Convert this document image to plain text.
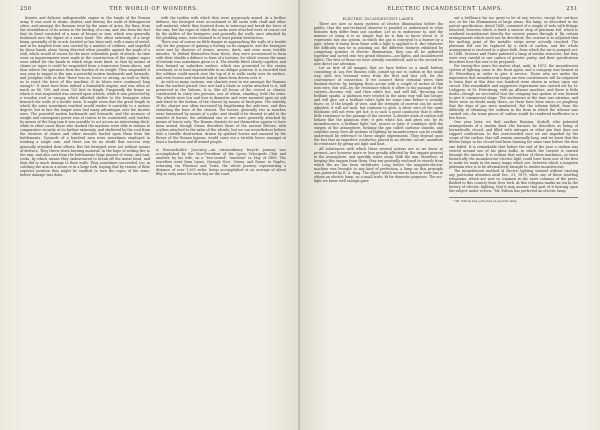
250	THE WORLD OF WONDERS.

ficients and delicate indispensable engine in the hands of the Roman army. It was used to shake, shatter, and destroy the walls of beleaguered cities, and amongst the Romans went by the name of Aries, the Ram, from the resemblance of its action to the butting of a ram, and also from the fact that its head consisted of a mass of bronze or iron, which was generally fashioned into the figure of a ram's head. The other extremity of a large beam, generally of fir or ash, headed as has been said, with a mass of metal, and in its simplest form was carried by a number of soldiers, and impelled by those hands alone, being directed when possible against the angle of a wall, which would of course be the most vulnerable point of attack. As time went on improvements were made in the construction of the engine; ropes were added for the hands in which rings were fixed, so that by means of chains or ropes it could be suspended from a transverse beam above, and thus relieve the operators from the burden of its weight. Thus suspended it was easy to impart to the ram a powerful motion backwards and forwards, and Josephus tells us that "there was no tower so strong, no wall so thick, as to resist the force of this machine, if its blows were continued long enough." It must have been indeed a formidable engine, and was often as much as 80, 100, and even 120 feet in length. Frequently the frame on which it was suspended was carried upon wheels, while it was protected by a wooden roof or canopy, which afforded shelter to the besiegers when beneath the walls of a hostile town. It might seem that the great length to which the arms sometimes reached would render it unwieldy to a serious degree; but in fact the longer ones had many advantages over the shorter ones. The powerful motion backwards and forwards, and the increase of weight and consequent power was of course to be considered; and, further, by means of the long ram it was possible to act across an intervening ditch, while in other cases those who worked the machine were able to remain in comparative security at its farther extremity, and sheltered by the roof from the showers of stones and other missiles hurled upon them from the battlements. Upwards of a hundred men were sometimes employed in working a single ram, and there can be no doubt that success very generally attended their efforts. But the besieged were not without means of defence. They threw down burning material, in the hope of setting fire to the ram, and also cast from the battlements huge masses of stone, and and, rocks, by which means they endeavoured to break off the metal head, and thus did so much damage to their walls. They sometimes succeeded, too, in catching the arm in a noose or in a large fork, hoping that by reason of their superior position they might be enabled to turn the ropes of the arms, before damage was done,

with the tackles with which they were gorgeously armed. At a further defence, the besieged were accustomed to fill sacks with chaff and other soft material, which they lowered down to intercept and break the force of the ram; but the ropes to which the sacks were attached were of course cut by the sickles of the besiegers; and generally the walls, once attacked by the plodding arms, were doomed to at least partial destruction.

There was of course no little danger in approaching the walls of a hostile city for the purpose of gaining a footing on its ramparts, and the besiegers were met by showers of stones, arrows, darts, and even more terrible missiles. To defend themselves from these, they were accustomed to form with their shields a defence in form of a tortoise, for which reason the name of testudo was sometimes given to it. The shields fitted closely together, and thus formed an unbroken surface, which was presented to the enemy overhead, or at least impenetrable in an oblique position. It is recorded that the soldiers could march over the top of it to walls easily over its surface, and even horses and chariots had at times been driven over it.

As with so many customs, war chariots were in use amongst the Romans from the earliest period. One sort had a blade or scythe attached to it, still preserved in the Vatican. It is, like all forms of the curved or chariot, constructed to carry two persons, one of whom, standing, held the reins. The wheels were low and four in diameter, and were mounted upon an oak axle fixed to the bottom of the chariot by means of linch-pins. The stability of the chariot was often increased by lengthening the axle-tree, and thus extending the base of the chariot. The horses, generally two in number, were harnessed by means of a yoke; and should it be desired to add to the number of horses, the additional one or two were generally attached by means of traces only. The Roman chariots do not themselves appear to have been armed, though Cæsar describes those of the ancient Britons, with scythes attached to the axles of the wheels; but we can nevertheless believe that a terrible destruction, drawn by spirited horses and manned by the flower of the Roman legions, would carry out a terrible havoc amongst at least a barbarous and ill-armed people.

A Remarkable Journey.—An extraordinary bicycle journey was accomplished by the Vice-President of the Lyons Velocipede Club and another, by his wife, on a "two-seated" "machine" in May of 1869. The travellers went from Lyons, through Nice, Genoa, and Rome, to Naples, returning via Florence and Turin, the whole journey, representing a distance of over 1,300 miles, being accomplished at an average of about fifty to sixty miles for each day on the road.

ELECTRIC INCANDESCENT LAMPS.	251

ELECTRIC INCANDESCENT LAMPS.

There are now so many systems of electric illumination before the public, that the non-technical observer is puzzled to understand in what features they differ from one another. Let us to endeavour to, and the manner of using it is so simple that he is fain to know about it. It represents but one system, in which the gas is conveyed to a burner by a pipe, where it burns from those with a light is applied to it. But whatever the difficulty may be in pointing out the different features exhibited by competing systems of electric illumination, they can all be gathered together and sorted into two grand divisions—arc-lights, and incandescent lights. The first of these we have already considered, and to the second we now direct our attention.

Let us first of all imagine that we have before us a small battery consisting of, say, five Bunsen cells, joined up one to carbon in the usual way, with two terminal wires from the first and last cell, for the convenience of connection. If we connect these terminal wires then thermal-electric by bridging them across with a couple of inches of thin iron wire, this will—by the resistance which it offers to the passage of the current—become red, and then white hot, and will fall, throwing out brilliant sparks. A platinum wire treated in the same way will last longer, and will give out a brilliant white light for some time before it actually fuses; or, if the length of wire, and the strength of current can be nicely adjusted, it will not melt, but continue to glow. A silver wire of the same thickness will not even get hot; it is such a good conductor that it offers little resistance to the passage of the current. A slender stick of carbon will behave like the platinum wire; it gets white hot, and gives out, by its incandescence, a brilliant light; but, sooner or later, it combines with the oxygen of the atmosphere, forming the gas called carbonic dioxide, and vanishes away. Now all systems of lighting by incandescence can be readily understood by reference to these simple experiments. They depend upon the fact that an imperfect conductor, placed in an electric circuit, manifests its resistance by giving out light and heat.

All substances with which these several actions are so we know at present—are however more or less greatly affected by the oxygen present in the atmosphere, and speedily waste away. With the aim, therefore, of keeping this oxygen from them, they are generally enclosed in vessels from which the air has been withdrawn. Long before the magneto-electric machine was brought to any kind of perfection, a lamp on this principle was patented by E. A. King. The object which inventors have in view has to obtain an electric lamp, on a small scale, fit for domestic purposes. The arc-light we know well enough gave

out a brilliance far too great to be of any service, except for out-door use, or for the illumination of large areas. His lamp, as described in the patent specification, dated 1845, consisted of a simple of rods with fittings attached, between which is fixed a narrow strip of platinum foil, which is rendered incandescent directly the current passes through it. By certain arrangements which need not be described, the current is so adjusted that the melting point of the metallic strips never actually reached. The platinum foil can be replaced by a stick of carbon, and the whole arrangement is enclosed in a glass bulb, from which the air is pumped out. In 1848, Greener and Staite patented a lamp of similar structure; but they were very careful to use carbon of greater purity, and their specification describes how this was to be prepared.

For twenty-five years the matter slept, until, in 1873, the incandescent system of lighting came to the front again, and a company was formed at St. Petersburg in order to give it service. Those who are under the impression that incandescent lamps are new contrivances will be surprised to learn that at this date one hundred were shown in action upon one circuit. This remarkable and suggestive experiment was carried out by M. Lodyguin, at St. Petersburg, with an Alliance machine, and there is little doubt—though no successful that the company has spoken of was formed to give it commercial shape. The excitement at the time was extreme, and there were no doubt many there—as there have been since—to prophesy that the days of gas were numbered. But the scheme failed, from the difficulty of obtaining the carbons in the form in which the scheme was carried out—for some pieces of carbon would be rendered ineffective in a few hours.

One year later, we find another Russian, Kosloff, who patented arrangements of a similar kind. His burners he describes as being of hermetically closed, and filled with nitrogen or other gas that does not support combustion. In this overcrowded race we are impeded by the scope of the carbon, that will remain unusually long, and we learn that the fifteen lamps in his circuit had been burning for some time before the first one failed. It is remarkable that before the end of the year a carbon was viewed around one of his glass bulbs, in which the current is carried through the interior. It is evident that neither of these machines—to trace historically the incandescent electric light could have been one of the first to make its mark in the many lamps which are, between which a tungsten platinum wire is to be alternatively brought to render incandescent.

The incandescent method of electric lighting seemed without exciting any particular attention until Dec. 21, 1879, when one of these startling telegrams, which are now so common in the news columns of the press, flashed to this country from New York. At this telegram marks an era in the history of electric lighting, that it may assume that part of it bearing upon the subject under review. "Mr. Edison has perfected an electric lamp

* Mr. Edison has perfected an electric lamp
